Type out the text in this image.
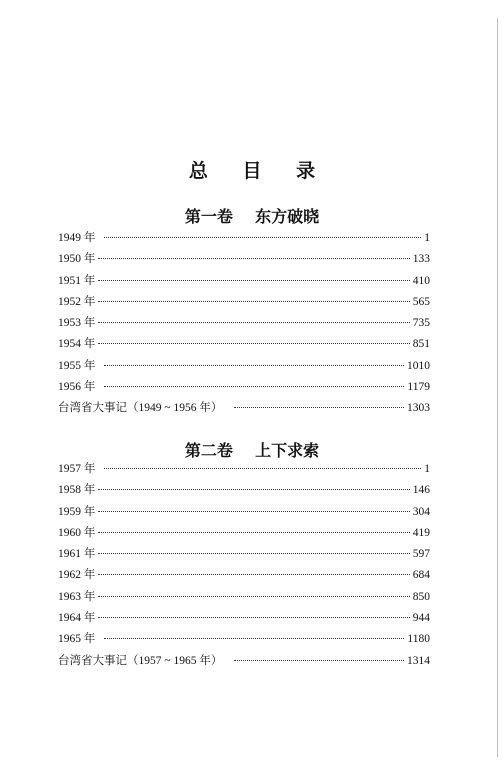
总 目 录
第一卷    东方破晓
1949 年	1
1950 年	133
1951 年	410
1952 年	565
1953 年	735
1954 年	851
1955 年	1010
1956 年	1179
台湾省大事记（1949 ~ 1956 年）	1303
第二卷    上下求索
1957 年	1
1958 年	146
1959 年	304
1960 年	419
1961 年	597
1962 年	684
1963 年	850
1964 年	944
1965 年	1180
台湾省大事记（1957 ~ 1965 年）	1314
